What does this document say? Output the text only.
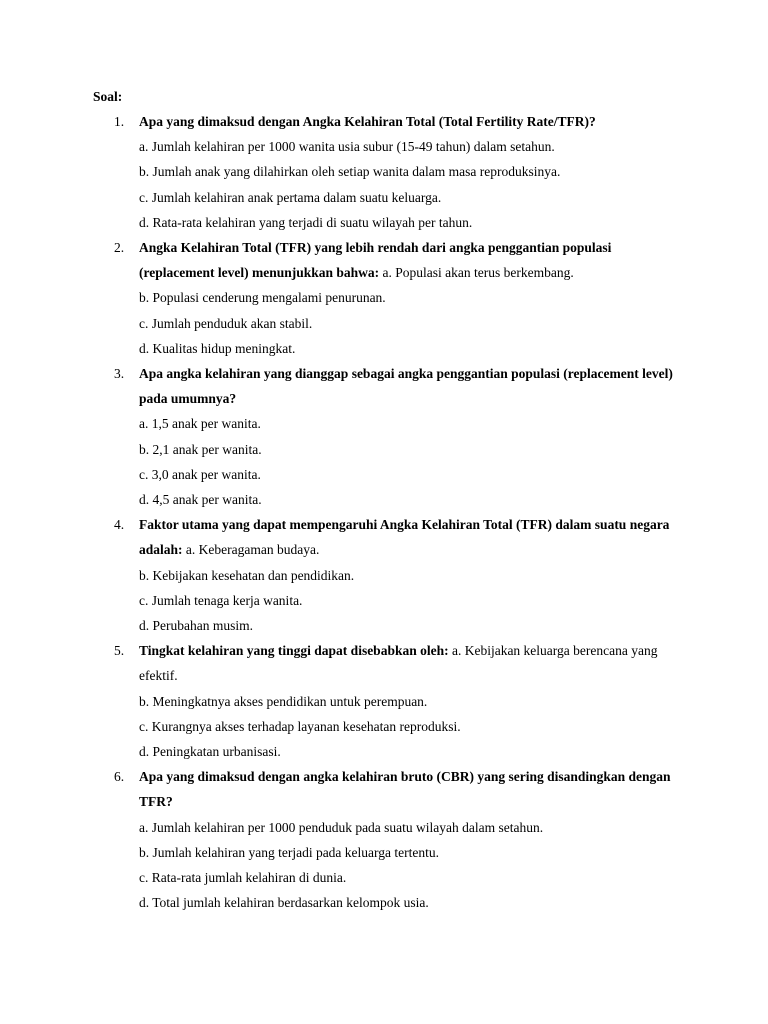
Soal:
1. Apa yang dimaksud dengan Angka Kelahiran Total (Total Fertility Rate/TFR)?
a. Jumlah kelahiran per 1000 wanita usia subur (15-49 tahun) dalam setahun.
b. Jumlah anak yang dilahirkan oleh setiap wanita dalam masa reproduksinya.
c. Jumlah kelahiran anak pertama dalam suatu keluarga.
d. Rata-rata kelahiran yang terjadi di suatu wilayah per tahun.
2. Angka Kelahiran Total (TFR) yang lebih rendah dari angka penggantian populasi (replacement level) menunjukkan bahwa: a. Populasi akan terus berkembang.
b. Populasi cenderung mengalami penurunan.
c. Jumlah penduduk akan stabil.
d. Kualitas hidup meningkat.
3. Apa angka kelahiran yang dianggap sebagai angka penggantian populasi (replacement level) pada umumnya?
a. 1,5 anak per wanita.
b. 2,1 anak per wanita.
c. 3,0 anak per wanita.
d. 4,5 anak per wanita.
4. Faktor utama yang dapat mempengaruhi Angka Kelahiran Total (TFR) dalam suatu negara adalah: a. Keberagaman budaya.
b. Kebijakan kesehatan dan pendidikan.
c. Jumlah tenaga kerja wanita.
d. Perubahan musim.
5. Tingkat kelahiran yang tinggi dapat disebabkan oleh: a. Kebijakan keluarga berencana yang efektif.
b. Meningkatnya akses pendidikan untuk perempuan.
c. Kurangnya akses terhadap layanan kesehatan reproduksi.
d. Peningkatan urbanisasi.
6. Apa yang dimaksud dengan angka kelahiran bruto (CBR) yang sering disandingkan dengan TFR?
a. Jumlah kelahiran per 1000 penduduk pada suatu wilayah dalam setahun.
b. Jumlah kelahiran yang terjadi pada keluarga tertentu.
c. Rata-rata jumlah kelahiran di dunia.
d. Total jumlah kelahiran berdasarkan kelompok usia.
